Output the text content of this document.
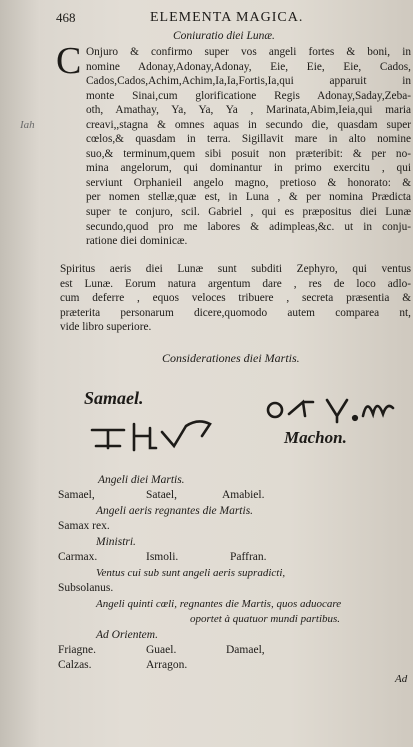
468	ELEMENTA MAGICA.
Coniuratio diei Lunæ.
C Onjuro & confirmo super vos angeli fortes & boni, in
nomine Adonay,Adonay,Adonay, Eie, Eie, Eie, Cados,
Cados,Cados,Achim,Achim,Ia,Ia,Fortis,Ia,qui apparuit in
monte Sinai,cum glorificatione Regis Adonay,Saday,Zeba-
oth, Amathay, Ya, Ya, Ya , Marinata,Abim,Ieia,qui maria
creavi,,stagna & omnes aquas in secundo die, quasdam super
cœlos,& quasdam in terra. Sigillavit mare in alto nomine
suo,& terminum,quem sibi posuit non præteribit: & per no-
mina angelorum, qui dominantur in primo exercitu , qui
serviunt Orphanieil angelo magno, pretioso & honorato: &
per nomen stellæ,quæ est, in Luna , & per nomina Prædicta
super te conjuro, scil. Gabriel , qui es præpositus diei Lunæ
secundo,quod pro me labores & adimpleas,&c. ut in conju-
ratione diei dominicæ.
Spiritus aeris diei Lunæ sunt subditi Zephyro, qui ventus
est Lunæ. Eorum natura argentum dare , res de loco adlo-
cum deferre , equos veloces tribuere , secreta præsentia &
præterita personarum dicere,quomodo autem comparea nt,
vide libro superiore.
Iah
Considerationes diei Martis.
Samael.
Machon.
Angeli diei Martis.
Samael,	Satael,	Amabiel.
Angeli aeris regnantes die Martis.
Samax rex.
Ministri.
Carmax.	Ismoli.	Paffran.
Ventus cui sub sunt angeli aeris supradicti,
Subsolanus.
Angeli quinti cœli, regnantes die Martis, quos aduocare
oportet à quatuor mundi partibus.
Ad Orientem.
Friagne.	Guael.	Damael,
Calzas.	Arragon.
Ad
